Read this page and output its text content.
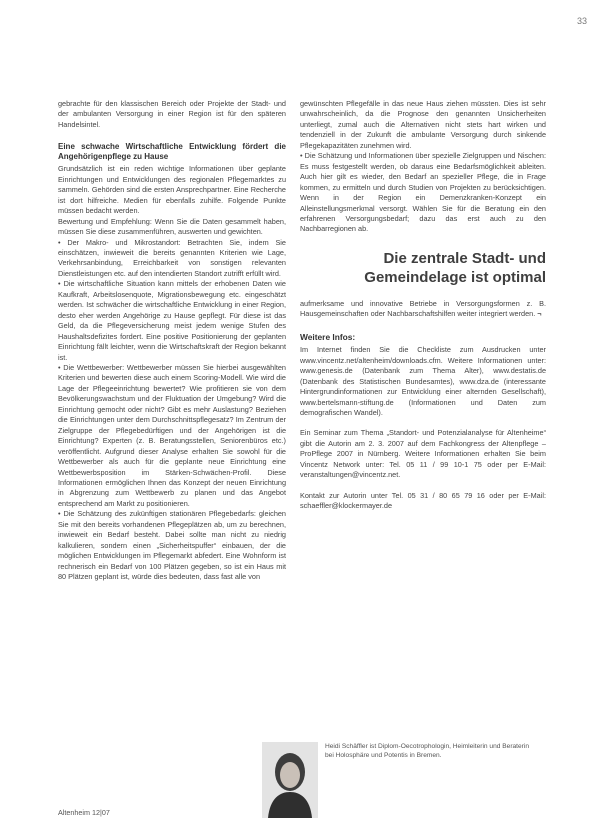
33

gebrachte für den klassischen Bereich oder Projekte der Stadt- und der ambulanten Versorgung in einer Region ist für den späteren Handelsintel.

Eine schwache Wirtschaftliche Entwicklung fördert die Angehörigenpflege zu Hause

Grundsätzlich ist ein reden wichtige Informationen über geplante Einrichtungen und Entwicklungen des regionalen Pflegemarktes zu sammeln. Gehörden sind die ersten Ansprechpartner. Eine Recherche ist dort hilfreiche. Medien für ebenfalls zuhilfe. Folgende Punkte müssen bedacht werden.

Bewertung und Empfehlung: Wenn Sie die Daten gesammelt haben, müssen Sie diese zusammenführen, auswerten und gewichten.

• Der Makro- und Mikrostandort: Betrachten Sie, indem Sie einschätzen, inwieweit die bereits genannten Kriterien wie Lage, Verkehrsanbindung, Erreichbarkeit von sonstigen relevanten Dienstleistungen etc. auf den intendierten Standort zutrifft erfüllt wird.

• Die wirtschaftliche Situation kann mittels der erhobenen Daten wie Kaufkraft, Arbeitslosenquote, Migrationsbewegung etc. eingeschätzt werden. Ist schwächer die wirtschaftliche Entwicklung in einer Region, desto eher werden Angehörige zu Hause gepflegt. Für diese ist das Geld, da die Pflegeversicherung meist jedem wenige Stufen des Haushaltsdefizites fordert. Eine positive Positionierung der geplanten Einrichtung fällt leichter, wenn die Wirtschaftskraft der Region bekannt ist.

• Die Wettbewerber: Wettbewerber müssen Sie hierbei ausgewählten Kriterien und bewerten diese auch einem Scoring-Modell. Wie wird die Lage der Pflegeeinrichtung bewertet? Wie profitieren sie von dem Bevölkerungswachstum und der Fluktuation der Umgebung? Wird die Einrichtung gemocht oder nicht? Gibt es mehr Auslastung? Beziehen die Einrichtungen unter dem Durchschnittspflegesatz? Im Zentrum der Zielgruppe der Pflegebedürftigen und der Angehörigen ist die Einrichtung? Experten (z. B. Beratungsstellen, Seniorenbüros etc.) veröffentlicht. Aufgrund dieser Analyse erhalten Sie sowohl für die Wettbewerber als auch für die geplante neue Einrichtung eine Wettbewerbsposition im Stärken-Schwächen-Profil. Diese Informationen ermöglichen Ihnen das Konzept der neuen Einrichtung in Abgrenzung zum Wettbewerb zu planen und das Angebot entsprechend am Markt zu positionieren.

• Die Schätzung des zukünftigen stationären Pflegebedarfs: gleichen Sie mit den bereits vorhandenen Pflegeplätzen ab, um zu berechnen, inwieweit ein Bedarf besteht. Dabei sollte man nicht zu niedrig kalkulieren, sondern einen „Sicherheitspuffer“ einbauen, der die möglichen Entwicklungen im Pflegemarkt abfedert. Eine Wohnform ist rechnerisch ein Bedarf von 100 Plätzen gegeben, so ist ein Haus mit 80 Plätzen geplant ist, würde dies bedeuten, dass fast alle von

gewünschten Pflegefälle in das neue Haus ziehen müssten. Dies ist sehr unwahrscheinlich, da die Prognose den genannten Unsicherheiten unterliegt, zumal auch die Alternativen nicht stets hart wirken und tendenziell in der Zukunft die ambulante Versorgung durch sinkende Pflegekapazitäten zunehmen wird.

• Die Schätzung und Informationen über spezielle Zielgruppen und Nischen: Es muss festgestellt werden, ob daraus eine Bedarfsmöglichkeit ableiten. Auch hier gilt es wieder, den Bedarf an spezieller Pflege, die in Frage kommen, zu ermitteln und durch Studien von Projekten zu berücksichtigen. Wenn in der Region ein Demenzkranken-Konzept ein Alleinstellungsmerkmal versorgt. Wählen Sie für die Beratung ein den erfahrenen Versorgungsbedarf; dazu das erst auch zu den Nachbarregionen ab.

Die zentrale Stadt- und
Gemeindelage ist optimal

aufmerksame und innovative Betriebe in Versorgungsformen z. B. Hausgemeinschaften oder Nachbarschaftshilfen weiter integriert werden. ¬

Weitere Infos:

Im Internet finden Sie die Checkliste zum Ausdrucken unter www.vincentz.net/altenheim/downloads.cfm. Weitere Informationen unter: www.genesis.de (Datenbank zum Thema Alter), www.destatis.de (Datenbank des Statistischen Bundesamtes), www.dza.de (interessante Hintergrundinformationen zur Entwicklung einer alternden Gesellschaft), www.bertelsmann-stiftung.de (Informationen und Daten zum demografischen Wandel).

Ein Seminar zum Thema „Standort- und Potenzialanalyse für Altenheime“ gibt die Autorin am 2. 3. 2007 auf dem Fachkongress der Altenpflege – ProPflege 2007 in Nürnberg. Weitere Informationen erhalten Sie beim Vincentz Network unter: Tel. 05 11 / 99 10-1 75 oder per E-Mail: veranstaltungen@vincentz.net.

Kontakt zur Autorin unter Tel. 05 31 / 80 65 79 16 oder per E-Mail: schaeffler@klockermayer.de

Heidi Schäffler ist Diplom-Oecotrophologin, Heimleiterin und Beraterin bei Holosphäre und Potentis in Bremen.
Altenheim 12|07
